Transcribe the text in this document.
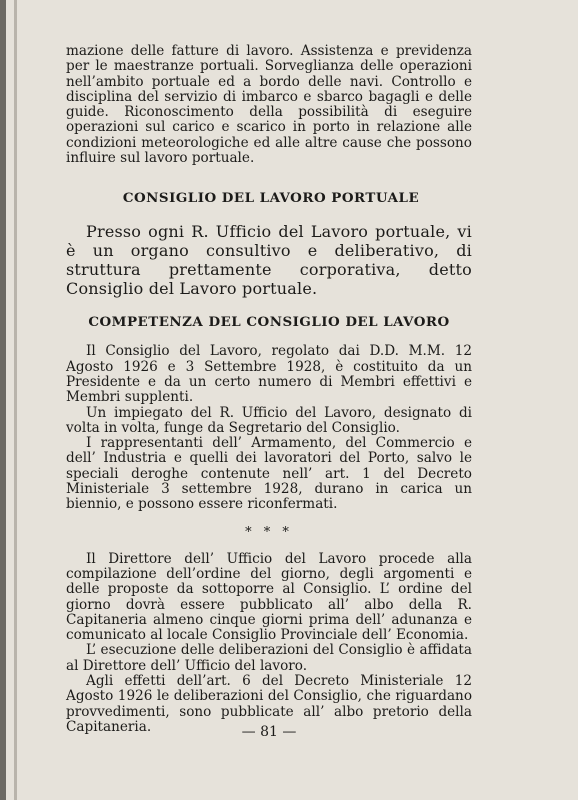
mazione delle fatture di lavoro. Assistenza e previdenza per le maestranze portuali. Sorveglianza delle operazioni nell’ambito portuale ed a bordo delle navi. Controllo e disciplina del servizio di imbarco e sbarco bagagli e delle guide. Riconoscimento della possibilità di eseguire operazioni sul carico e scarico in porto in relazione alle condizioni meteorologiche ed alle altre cause che possono influire sul lavoro portuale.

CONSIGLIO DEL LAVORO PORTUALE

Presso ogni R. Ufficio del Lavoro portuale, vi è un organo consultivo e deliberativo, di struttura prettamente corporativa, detto Consiglio del Lavoro portuale.

COMPETENZA DEL CONSIGLIO DEL LAVORO

Il Consiglio del Lavoro, regolato dai D.D. M.M. 12 Agosto 1926 e 3 Settembre 1928, è costituito da un Presidente e da un certo numero di Membri effettivi e Membri supplenti.

Un impiegato del R. Ufficio del Lavoro, designato di volta in volta, funge da Segretario del Consiglio.

I rappresentanti dell’ Armamento, del Commercio e dell’ Industria e quelli dei lavoratori del Porto, salvo le speciali deroghe contenute nell’ art. 1 del Decreto Ministeriale 3 settembre 1928, durano in carica un biennio, e possono essere riconfermati.

* * *

Il Direttore dell’ Ufficio del Lavoro procede alla compilazione dell’ordine del giorno, degli argomenti e delle proposte da sottoporre al Consiglio. L’ ordine del giorno dovrà essere pubblicato all’ albo della R. Capitaneria almeno cinque giorni prima dell’ adunanza e comunicato al locale Consiglio Provinciale dell’ Economia.

L’ esecuzione delle deliberazioni del Consiglio è affidata al Direttore dell’ Ufficio del lavoro.

Agli effetti dell’art. 6 del Decreto Ministeriale 12 Agosto 1926 le deliberazioni del Consiglio, che riguardano provvedimenti, sono pubblicate all’ albo pretorio della Capitaneria.	— 81 —
